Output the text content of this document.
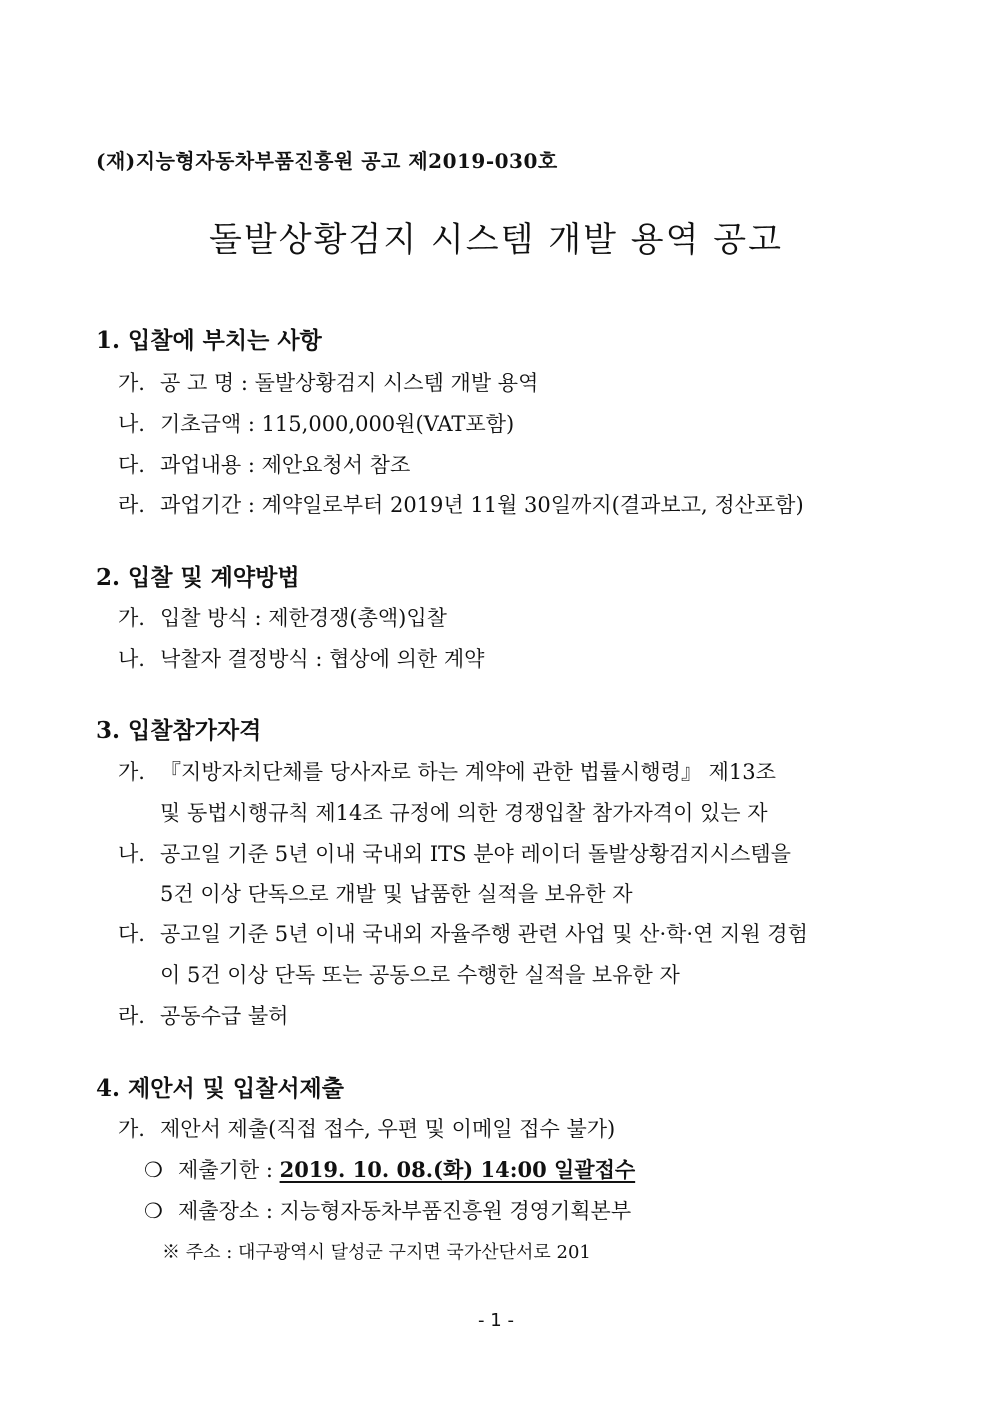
(재)지능형자동차부품진흥원 공고 제2019-030호
돌발상황검지 시스템 개발 용역 공고
1. 입찰에 부치는 사항
가. 공 고 명 : 돌발상황검지 시스템 개발 용역
나. 기초금액 : 115,000,000원(VAT포함)
다. 과업내용 : 제안요청서 참조
라. 과업기간 : 계약일로부터 2019년 11월 30일까지(결과보고, 정산포함)
2. 입찰 및 계약방법
가. 입찰 방식 : 제한경쟁(총액)입찰
나. 낙찰자 결정방식 : 협상에 의한 계약
3. 입찰참가자격
가. 『지방자치단체를 당사자로 하는 계약에 관한 법률시행령』 제13조
및 동법시행규칙 제14조 규정에 의한 경쟁입찰 참가자격이 있는 자
나. 공고일 기준 5년 이내 국내외 ITS 분야 레이더 돌발상황검지시스템을
5건 이상 단독으로 개발 및 납품한 실적을 보유한 자
다. 공고일 기준 5년 이내 국내외 자율주행 관련 사업 및 산·학·연 지원 경험
이 5건 이상 단독 또는 공동으로 수행한 실적을 보유한 자
라. 공동수급 불허
4. 제안서 및 입찰서제출
가. 제안서 제출(직접 접수, 우편 및 이메일 접수 불가)
❍ 제출기한 : 2019. 10. 08.(화) 14:00 일괄접수
❍ 제출장소 : 지능형자동차부품진흥원 경영기획본부
※ 주소 : 대구광역시 달성군 구지면 국가산단서로 201
- 1 -
